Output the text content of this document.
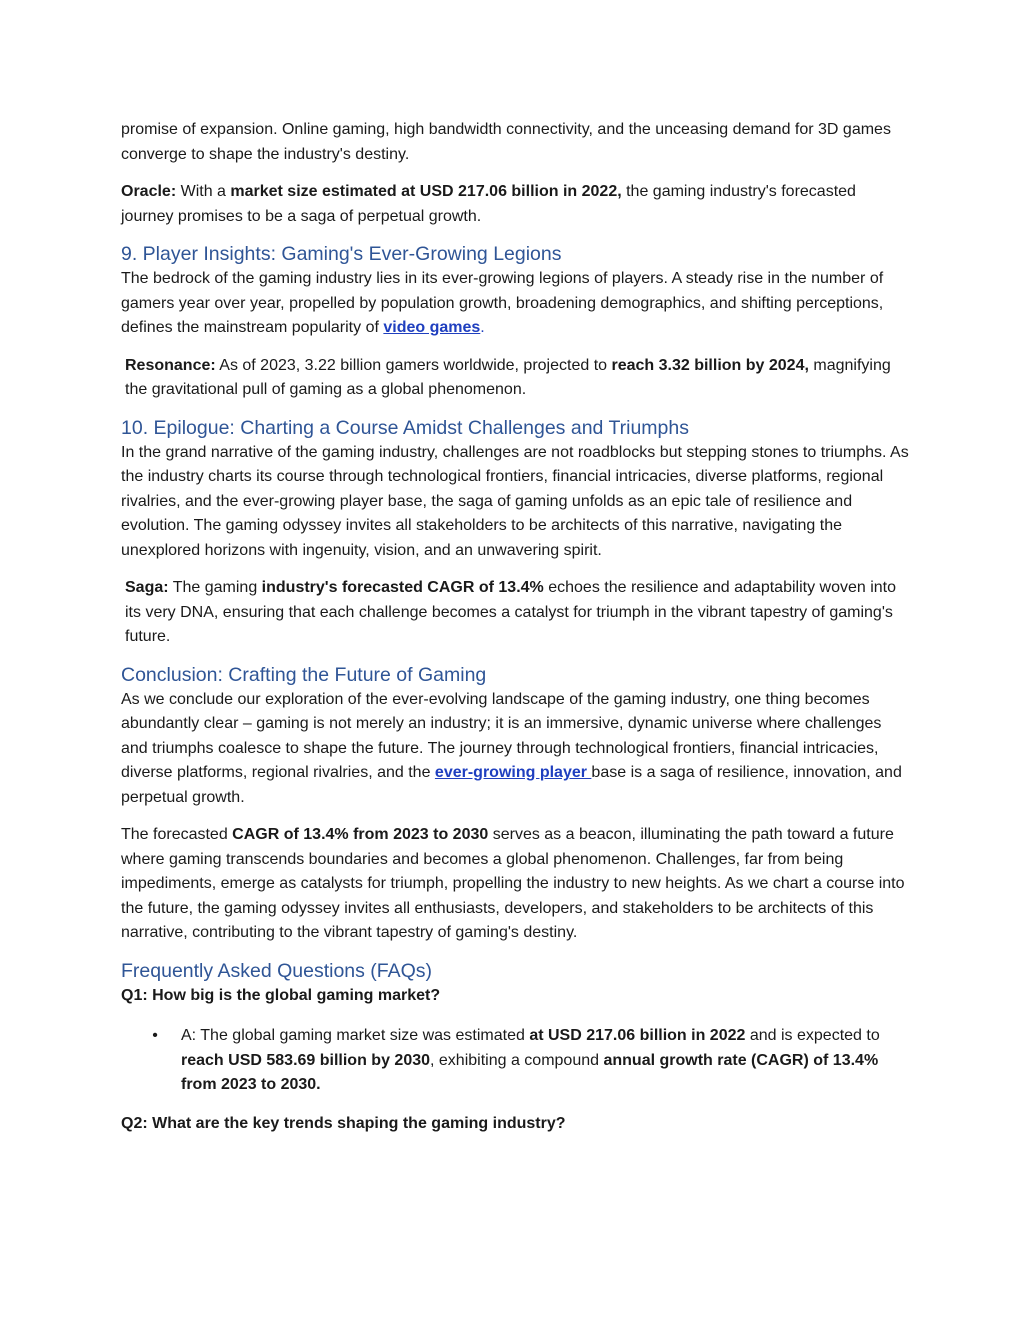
promise of expansion. Online gaming, high bandwidth connectivity, and the unceasing demand for 3D games converge to shape the industry's destiny.

Oracle: With a market size estimated at USD 217.06 billion in 2022, the gaming industry's forecasted journey promises to be a saga of perpetual growth.

9. Player Insights: Gaming's Ever-Growing Legions

The bedrock of the gaming industry lies in its ever-growing legions of players. A steady rise in the number of gamers year over year, propelled by population growth, broadening demographics, and shifting perceptions, defines the mainstream popularity of video games.

Resonance: As of 2023, 3.22 billion gamers worldwide, projected to reach 3.32 billion by 2024, magnifying the gravitational pull of gaming as a global phenomenon.

10. Epilogue: Charting a Course Amidst Challenges and Triumphs

In the grand narrative of the gaming industry, challenges are not roadblocks but stepping stones to triumphs. As the industry charts its course through technological frontiers, financial intricacies, diverse platforms, regional rivalries, and the ever-growing player base, the saga of gaming unfolds as an epic tale of resilience and evolution. The gaming odyssey invites all stakeholders to be architects of this narrative, navigating the unexplored horizons with ingenuity, vision, and an unwavering spirit.

Saga: The gaming industry's forecasted CAGR of 13.4% echoes the resilience and adaptability woven into its very DNA, ensuring that each challenge becomes a catalyst for triumph in the vibrant tapestry of gaming's future.

Conclusion: Crafting the Future of Gaming

As we conclude our exploration of the ever-evolving landscape of the gaming industry, one thing becomes abundantly clear – gaming is not merely an industry; it is an immersive, dynamic universe where challenges and triumphs coalesce to shape the future. The journey through technological frontiers, financial intricacies, diverse platforms, regional rivalries, and the ever-growing player base is a saga of resilience, innovation, and perpetual growth.

The forecasted CAGR of 13.4% from 2023 to 2030 serves as a beacon, illuminating the path toward a future where gaming transcends boundaries and becomes a global phenomenon. Challenges, far from being impediments, emerge as catalysts for triumph, propelling the industry to new heights. As we chart a course into the future, the gaming odyssey invites all enthusiasts, developers, and stakeholders to be architects of this narrative, contributing to the vibrant tapestry of gaming's destiny.

Frequently Asked Questions (FAQs)

Q1: How big is the global gaming market?

• A: The global gaming market size was estimated at USD 217.06 billion in 2022 and is expected to reach USD 583.69 billion by 2030, exhibiting a compound annual growth rate (CAGR) of 13.4% from 2023 to 2030.

Q2: What are the key trends shaping the gaming industry?
